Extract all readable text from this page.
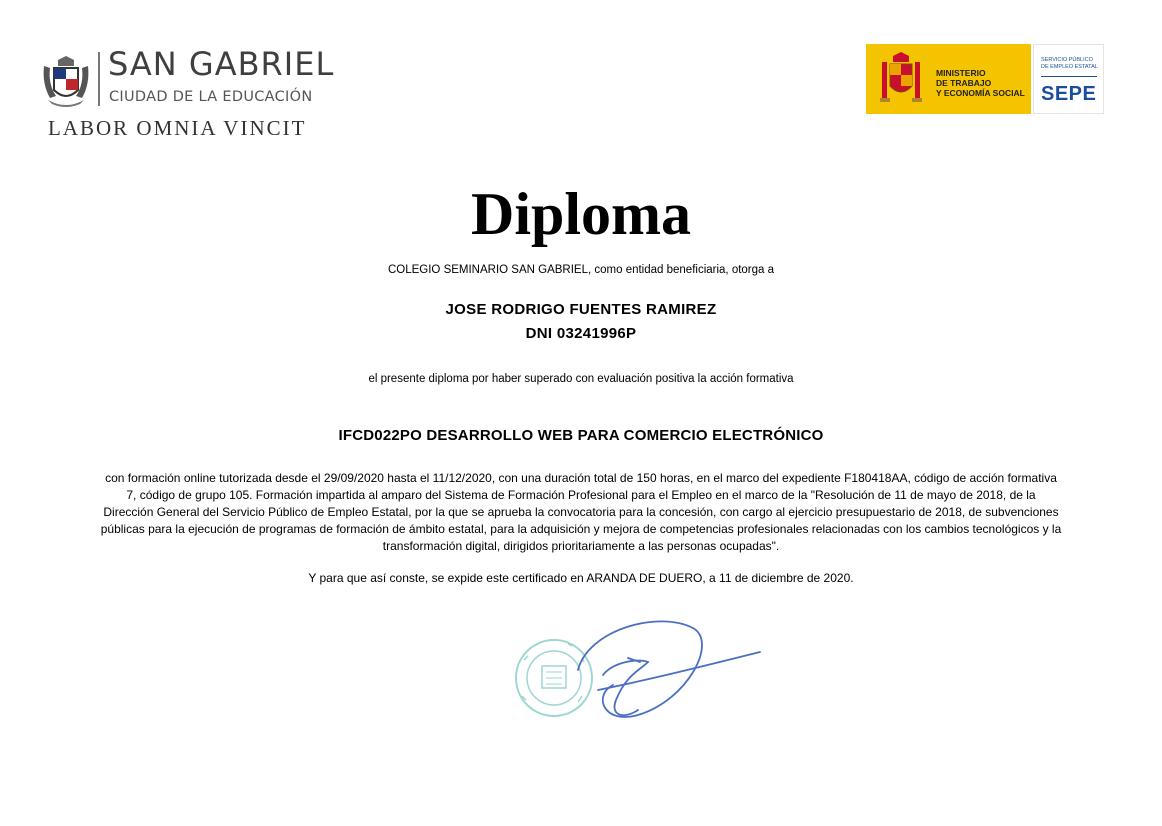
SAN GABRIEL
CIUDAD DE LA EDUCACIÓN
LABOR OMNIA VINCIT
MINISTERIO
DE TRABAJO
Y ECONOMÍA SOCIAL
SERVICIO PÚBLICO
DE EMPLEO ESTATAL
SEPE
Diploma
COLEGIO SEMINARIO SAN GABRIEL, como entidad beneficiaria, otorga a
JOSE RODRIGO FUENTES RAMIREZ
DNI 03241996P
el presente diploma por haber superado con evaluación positiva la acción formativa
IFCD022PO DESARROLLO WEB PARA COMERCIO ELECTRÓNICO
con formación online tutorizada desde el 29/09/2020 hasta el 11/12/2020, con una duración total de 150 horas, en el marco del expediente F180418AA, código de acción formativa 7, código de grupo 105. Formación impartida al amparo del Sistema de Formación Profesional para el Empleo en el marco de la "Resolución de 11 de mayo de 2018, de la Dirección General del Servicio Público de Empleo Estatal, por la que se aprueba la convocatoria para la concesión, con cargo al ejercicio presupuestario de 2018, de subvenciones públicas para la ejecución de programas de formación de ámbito estatal, para la adquisición y mejora de competencias profesionales relacionadas con los cambios tecnológicos y la transformación digital, dirigidos prioritariamente a las personas ocupadas".
Y para que así conste, se expide este certificado en ARANDA DE DUERO, a 11 de diciembre de 2020.
